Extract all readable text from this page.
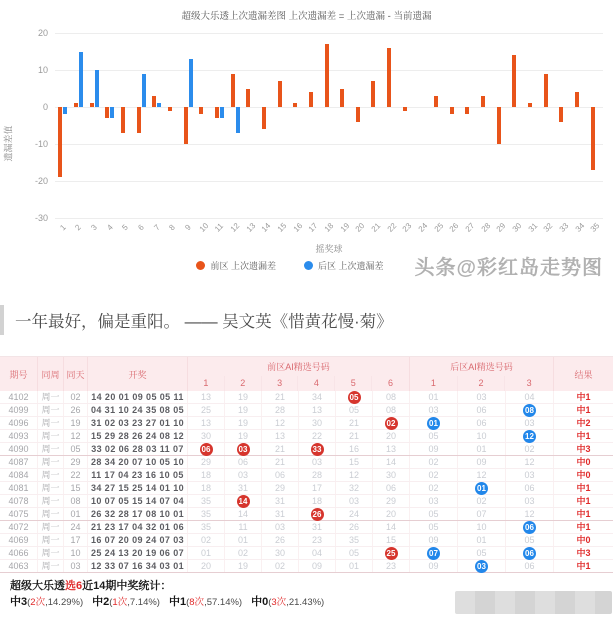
超级大乐透上次遗漏差图 上次遗漏差 = 上次遗漏 - 当前遗漏
遗漏差值
摇奖球
20
10
0
-10
-20
-30
1 2 3 4 5 6 7 8 9 10 11 12 13 14 15 16 17 18 19 20 21 22 23 24 25 26 27 28 29 30 31 32 33 34 35
前区 上次遗漏差	后区 上次遗漏差 头条@彩红岛走势图
一年最好，偏是重阳。 —— 吴文英《惜黄花慢·菊》
期号	同周 同天	开奖
前区AI精选号码
1	2	3	4	5	6
后区AI精选号码
1	2	3
结果
4102	周一	02	14 20 01 09 05 05 11	13	19	21	34	05	08	01	03	04	中1
4099	周一	26	04 31 10 24 35 08 05	25	19	28	13	05	08	03	06	08	中1
4096	周一	19	31 02 03 23 27 01 10	13	19	12	30	21	02	01	06	03	中2
4093	周一	12	15 29 28 26 24 08 12	30	19	13	22	21	20	05	10	12	中1
4090	周一	05	33 02 06 28 03 11 07	06	03	21	33	16	13	09	01	02	中3
4087	周一	29	28 34 20 07 10 05 10	29	06	21	03	15	14	02	09	12	中0
4084	周一	22	11 17 04 23 16 10 05	18	03	06	28	12	30	02	12	03	中0
4081	周一	15	34 27 15 25 14 01 10	18	31	29	17	32	06	02	01	06	中1
4078	周一	08	10 07 05 15 14 07 04	35	14	31	18	03	29	03	02	03	中1
4075	周一	01	26 32 28 17 08 10 01	35	14	31	26	24	20	05	07	12	中1
4072	周一	24	21 23 17 04 32 01 06	35	11	03	31	26	14	05	10	06	中1
4069	周一	17	16 07 20 09 24 07 03	02	01	26	23	35	15	09	01	05	中0
4066	周一	10	25 24 13 20 19 06 07	01	02	30	04	05	25	07	05	06	中3
4063	周一	03	12 33 07 16 34 03 01	20	19	02	09	01	23	09	03	06	中1
超级大乐透选6近14期中奖统计：
中3(2次,14.29%) 中2(1次,7.14%) 中1(8次,57.14%) 中0(3次,21.43%)
